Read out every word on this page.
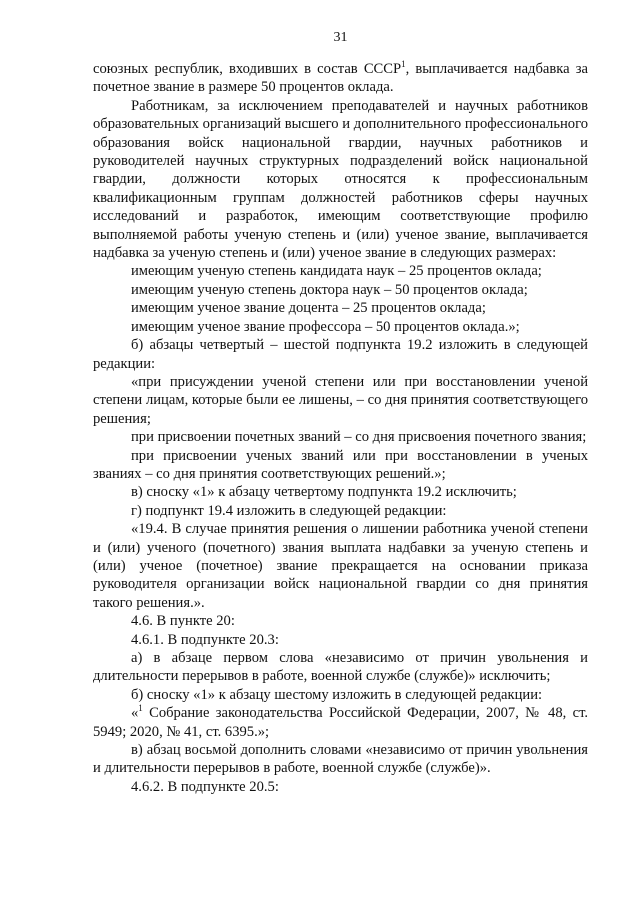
31

союзных республик, входивших в состав СССР$^1$, выплачивается надбавка за почетное звание в размере 50 процентов оклада.

Работникам, за исключением преподавателей и научных работников образовательных организаций высшего и дополнительного профессионального образования войск национальной гвардии, научных работников и руководителей научных структурных подразделений войск национальной гвардии, должности которых относятся к профессиональным квалификационным группам должностей работников сферы научных исследований и разработок, имеющим соответствующие профилю выполняемой работы ученую степень и (или) ученое звание, выплачивается надбавка за ученую степень и (или) ученое звание в следующих размерах:

имеющим ученую степень кандидата наук – 25 процентов оклада;

имеющим ученую степень доктора наук – 50 процентов оклада;

имеющим ученое звание доцента – 25 процентов оклада;

имеющим ученое звание профессора – 50 процентов оклада.»;

б) абзацы четвертый – шестой подпункта 19.2 изложить в следующей редакции:

«при присуждении ученой степени или при восстановлении ученой степени лицам, которые были ее лишены, – со дня принятия соответствующего решения;

при присвоении почетных званий – со дня присвоения почетного звания;

при присвоении ученых званий или при восстановлении в ученых званиях – со дня принятия соответствующих решений.»;

в) сноску «1» к абзацу четвертому подпункта 19.2 исключить;

г) подпункт 19.4 изложить в следующей редакции:

«19.4. В случае принятия решения о лишении работника ученой степени и (или) ученого (почетного) звания выплата надбавки за ученую степень и (или) ученое (почетное) звание прекращается на основании приказа руководителя организации войск национальной гвардии со дня принятия такого решения.».

4.6. В пункте 20:

4.6.1. В подпункте 20.3:

а) в абзаце первом слова «независимо от причин увольнения и длительности перерывов в работе, военной службе (службе)» исключить;

б) сноску «1» к абзацу шестому изложить в следующей редакции:

«$^1$ Собрание законодательства Российской Федерации, 2007, № 48, ст. 5949; 2020, № 41, ст. 6395.»;

в) абзац восьмой дополнить словами «независимо от причин увольнения и длительности перерывов в работе, военной службе (службе)».

4.6.2. В подпункте 20.5:
